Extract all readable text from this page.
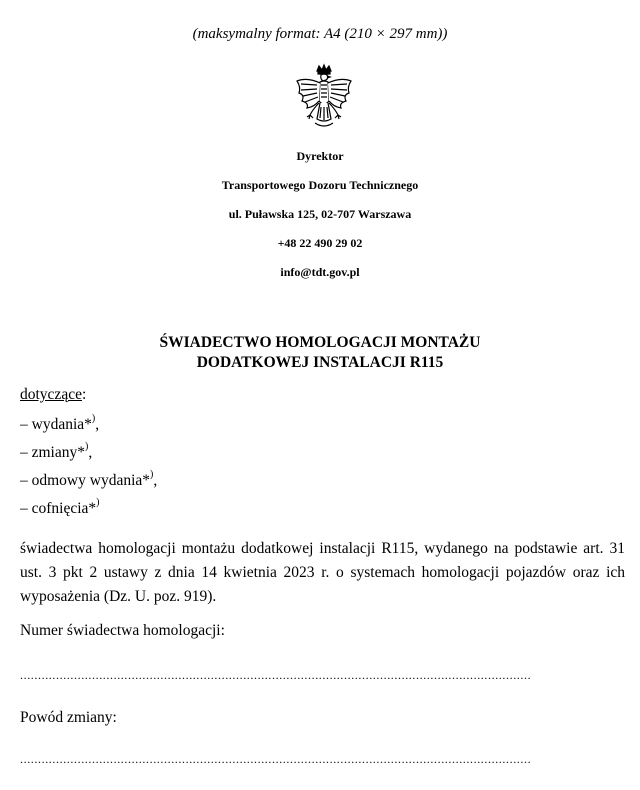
(maksymalny format: A4 (210 × 297 mm))
Dyrektor
Transportowego Dozoru Technicznego
ul. Puławska 125, 02-707 Warszawa
+48 22 490 29 02
info@tdt.gov.pl
ŚWIADECTWO HOMOLOGACJI MONTAŻU
DODATKOWEJ INSTALACJI R115
dotyczące:
– wydania*),
– zmiany*),
– odmowy wydania*),
– cofnięcia*)
świadectwa homologacji montażu dodatkowej instalacji R115, wydanego na podstawie art. 31 ust. 3 pkt 2 ustawy z dnia 14 kwietnia 2023 r. o systemach homologacji pojazdów oraz ich wyposażenia (Dz. U. poz. 919).
Numer świadectwa homologacji:
..............................................................................................................................................
Powód zmiany:
..............................................................................................................................................
